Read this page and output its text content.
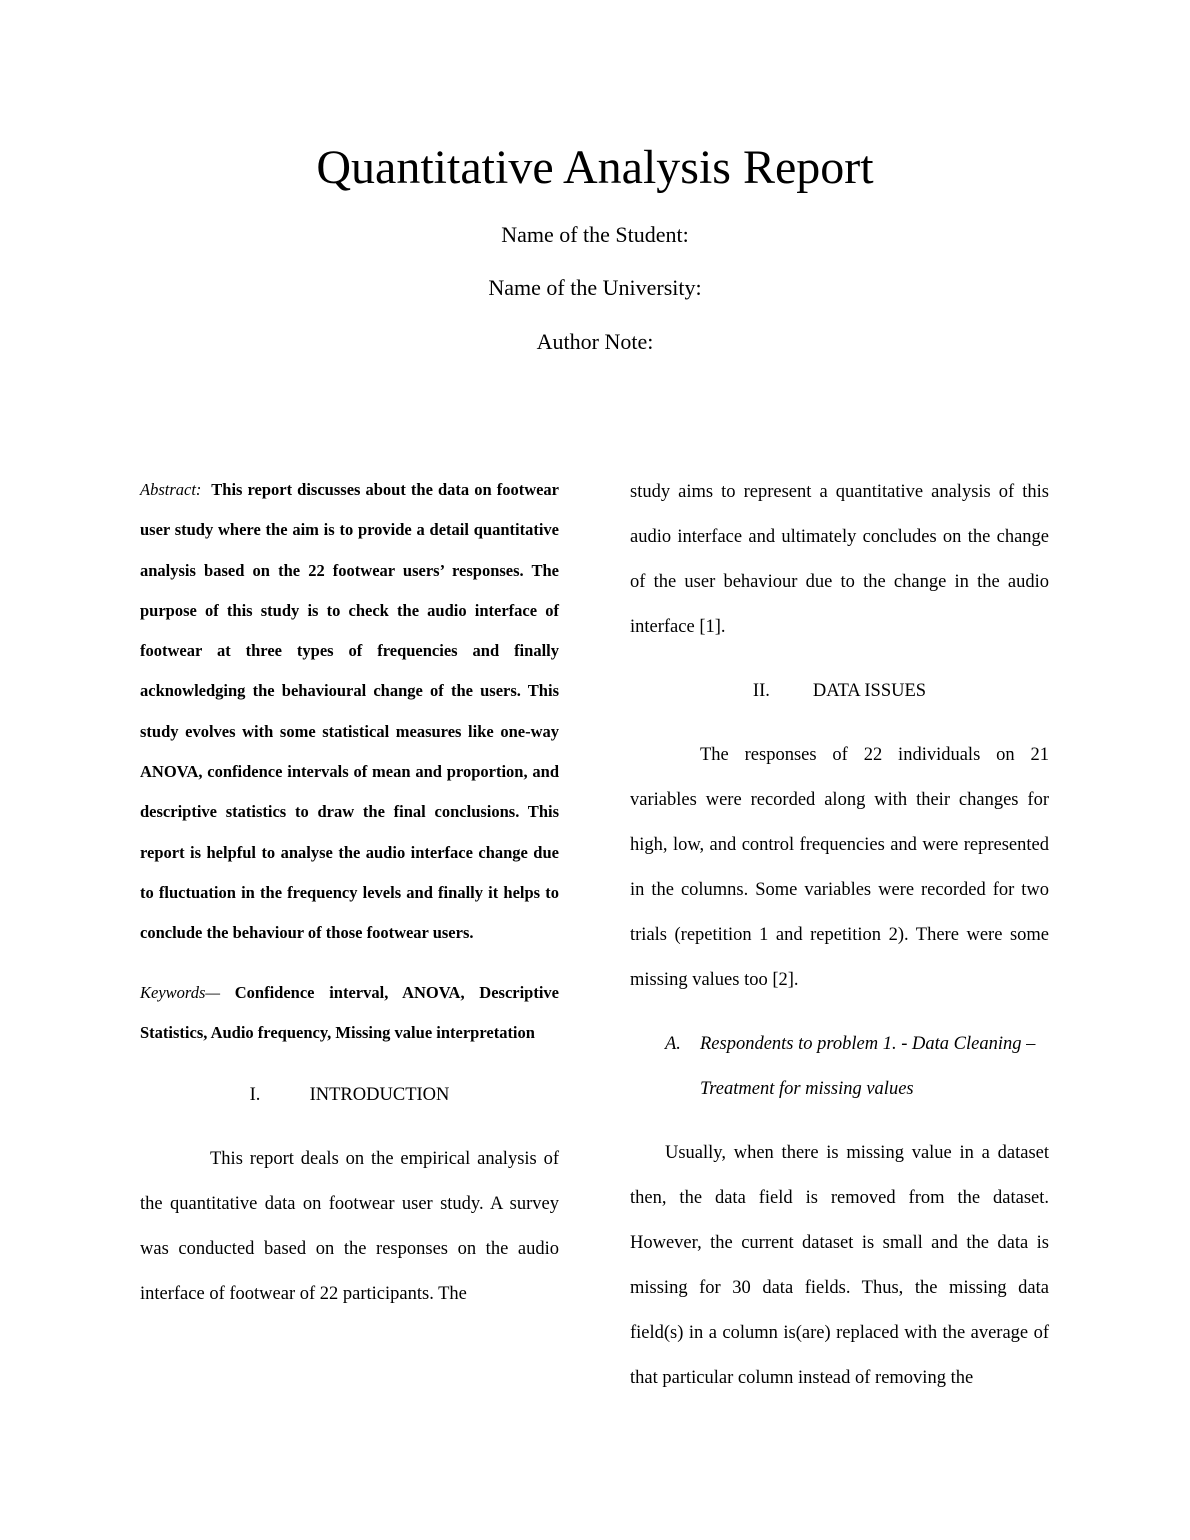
Quantitative Analysis Report

Name of the Student:

Name of the University:

Author Note:

Abstract: This report discusses about the data on footwear user study where the aim is to provide a detail quantitative analysis based on the 22 footwear users’ responses. The purpose of this study is to check the audio interface of footwear at three types of frequencies and finally acknowledging the behavioural change of the users. This study evolves with some statistical measures like one-way ANOVA, confidence intervals of mean and proportion, and descriptive statistics to draw the final conclusions. This report is helpful to analyse the audio interface change due to fluctuation in the frequency levels and finally it helps to conclude the behaviour of those footwear users.

Keywords— Confidence interval, ANOVA, Descriptive Statistics, Audio frequency, Missing value interpretation

I.	INTRODUCTION

This report deals on the empirical analysis of the quantitative data on footwear user study. A survey was conducted based on the responses on the audio interface of footwear of 22 participants. The

study aims to represent a quantitative analysis of this audio interface and ultimately concludes on the change of the user behaviour due to the change in the audio interface [1].

II. DATA ISSUES

The responses of 22 individuals on 21 variables were recorded along with their changes for high, low, and control frequencies and were represented in the columns. Some variables were recorded for two trials (repetition 1 and repetition 2). There were some missing values too [2].

A. Respondents to problem 1. - Data Cleaning – Treatment for missing values

Usually, when there is missing value in a dataset then, the data field is removed from the dataset. However, the current dataset is small and the data is missing for 30 data fields. Thus, the missing data field(s) in a column is(are) replaced with the average of that particular column instead of removing the
